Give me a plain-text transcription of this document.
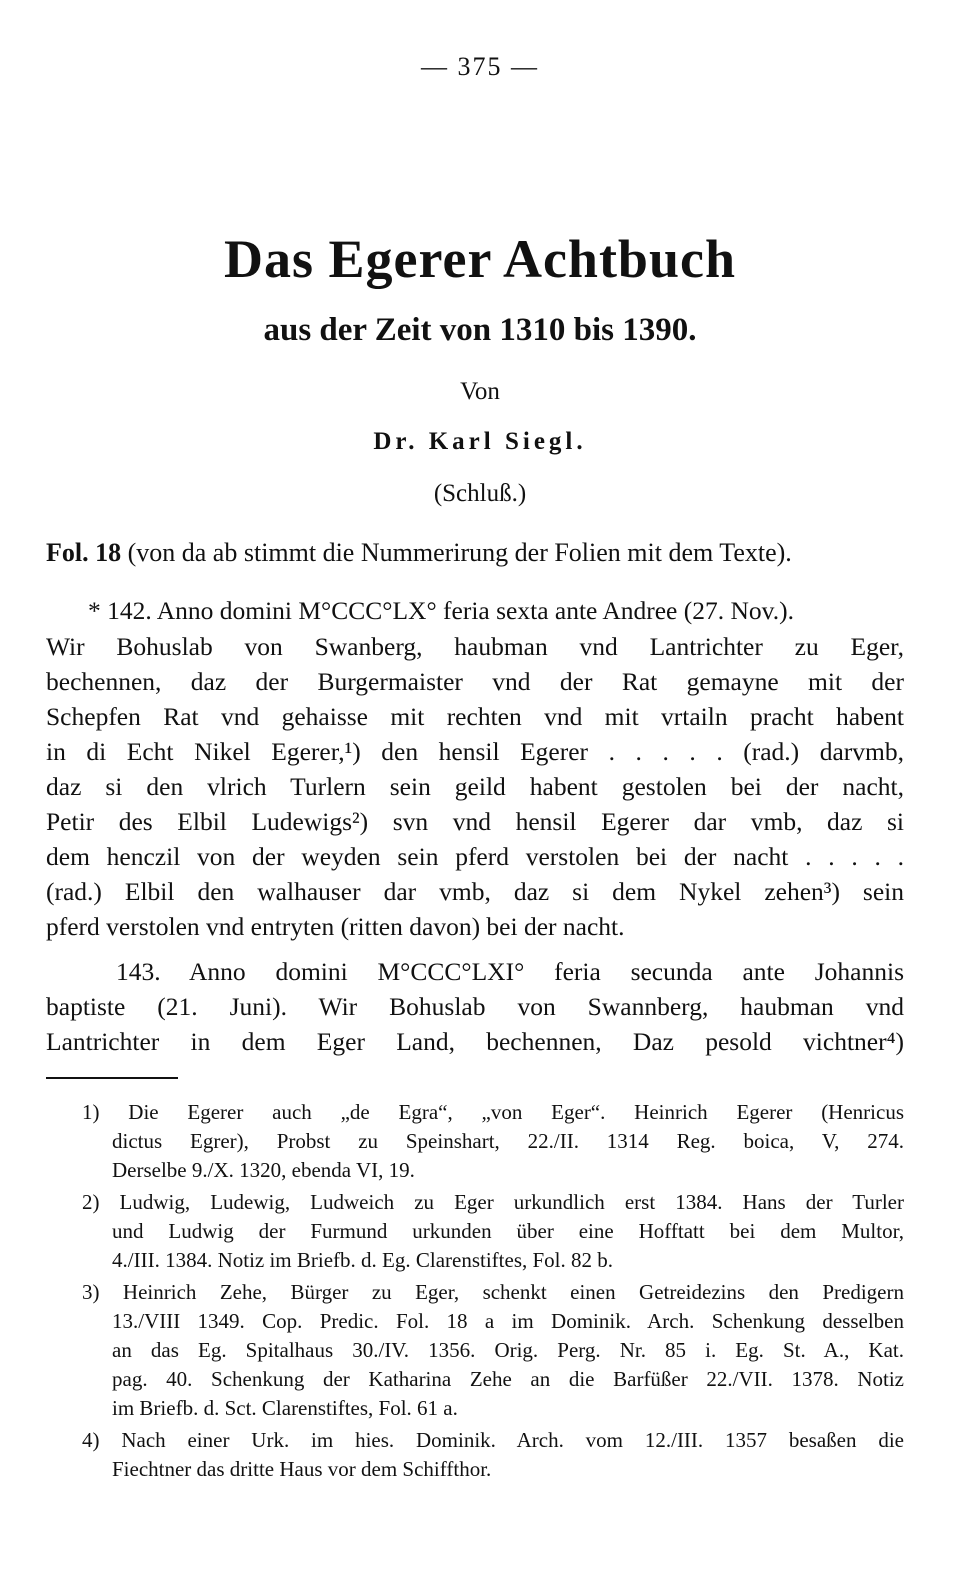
— 375 —
Das Egerer Achtbuch
aus der Zeit von 1310 bis 1390.
Von
Dr. Karl Siegl.
(Schluß.)
Fol. 18 (von da ab stimmt die Nummerirung der Folien mit dem Texte).
* 142. Anno domini M°CCC°LX° feria sexta ante Andree (27. Nov.).
Wir Bohuslab von Swanberg, haubman vnd Lantrichter zu Eger,
bechennen, daz der Burgermaister vnd der Rat gemayne mit der
Schepfen Rat vnd gehaisse mit rechten vnd mit vrtailn pracht habent
in di Echt Nikel Egerer,¹) den hensil Egerer . . . . . (rad.) darvmb,
daz si den vlrich Turlern sein geild habent gestolen bei der nacht,
Petir des Elbil Ludewigs²) svn vnd hensil Egerer dar vmb, daz si
dem henczil von der weyden sein pferd verstolen bei der nacht . . . . .
(rad.) Elbil den walhauser dar vmb, daz si dem Nykel zehen³) sein
pferd verstolen vnd entryten (ritten davon) bei der nacht.
143. Anno domini M°CCC°LXI° feria secunda ante Johannis
baptiste (21. Juni). Wir Bohuslab von Swannberg, haubman vnd
Lantrichter in dem Eger Land, bechennen, Daz pesold vichtner⁴)
1) Die Egerer auch „de Egra“, „von Eger“. Heinrich Egerer (Henricus
dictus Egrer), Probst zu Speinshart, 22./II. 1314 Reg. boica, V, 274.
Derselbe 9./X. 1320, ebenda VI, 19.
2) Ludwig, Ludewig, Ludweich zu Eger urkundlich erst 1384. Hans der Turler
und Ludwig der Furmund urkunden über eine Hofftatt bei dem Multor,
4./III. 1384. Notiz im Briefb. d. Eg. Clarenstiftes, Fol. 82 b.
3) Heinrich Zehe, Bürger zu Eger, schenkt einen Getreidezins den Predigern
13./VIII 1349. Cop. Predic. Fol. 18 a im Dominik. Arch. Schenkung desselben
an das Eg. Spitalhaus 30./IV. 1356. Orig. Perg. Nr. 85 i. Eg. St. A., Kat.
pag. 40. Schenkung der Katharina Zehe an die Barfüßer 22./VII. 1378. Notiz
im Briefb. d. Sct. Clarenstiftes, Fol. 61 a.
4) Nach einer Urk. im hies. Dominik. Arch. vom 12./III. 1357 besaßen die
Fiechtner das dritte Haus vor dem Schiffthor.
